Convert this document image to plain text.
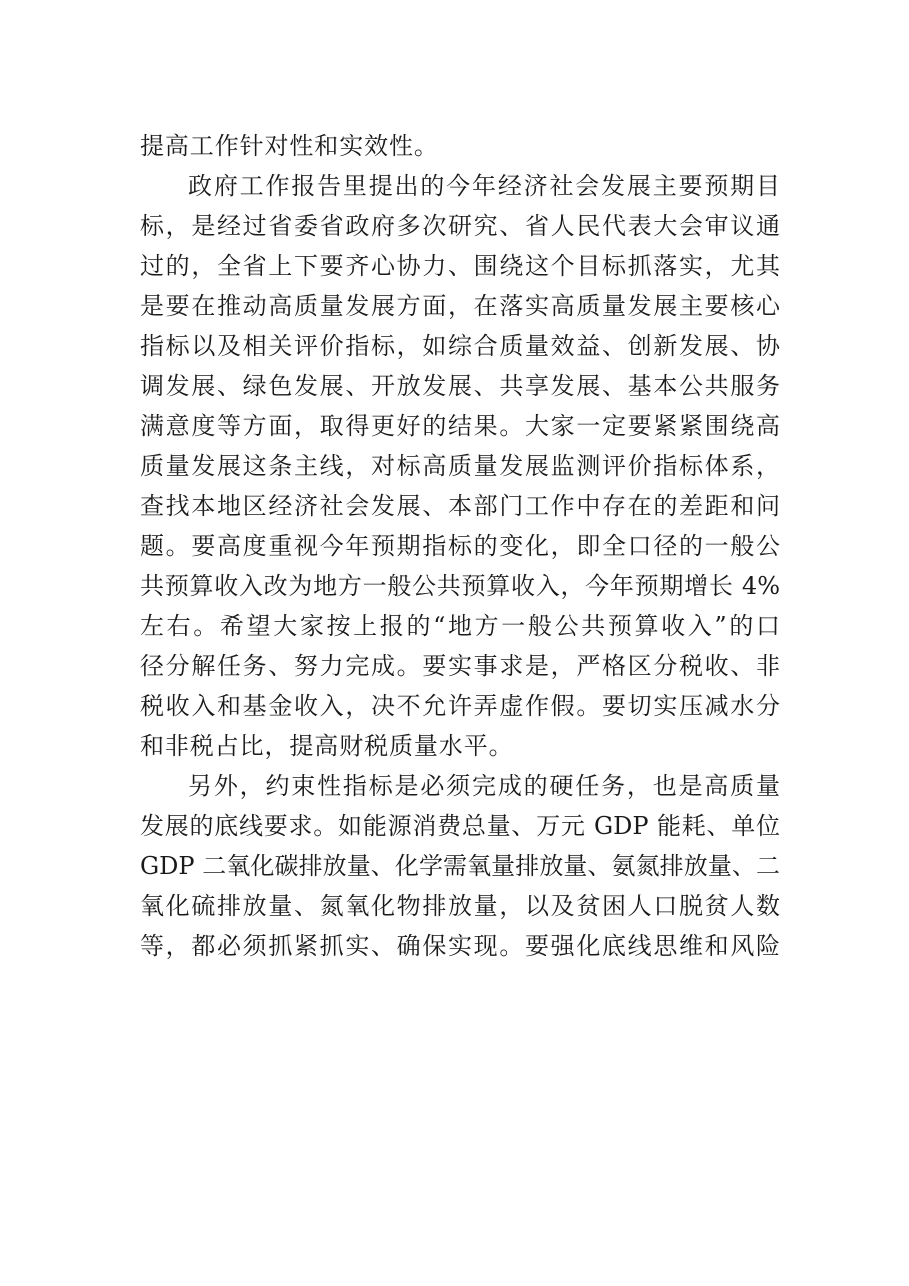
提高工作针对性和实效性。

政府工作报告里提出的今年经济社会发展主要预期目

标，是经过省委省政府多次研究、省人民代表大会审议通

过的，全省上下要齐心协力、围绕这个目标抓落实，尤其

是要在推动高质量发展方面，在落实高质量发展主要核心

指标以及相关评价指标，如综合质量效益、创新发展、协

调发展、绿色发展、开放发展、共享发展、基本公共服务

满意度等方面，取得更好的结果。大家一定要紧紧围绕高

质量发展这条主线，对标高质量发展监测评价指标体系，

查找本地区经济社会发展、本部门工作中存在的差距和问

题。要高度重视今年预期指标的变化，即全口径的一般公

共预算收入改为地方一般公共预算收入，今年预期增长 4%

左右。希望大家按上报的“地方一般公共预算收入”的口

径分解任务、努力完成。要实事求是，严格区分税收、非

税收入和基金收入，决不允许弄虚作假。要切实压减水分

和非税占比，提高财税质量水平。

另外，约束性指标是必须完成的硬任务，也是高质量

发展的底线要求。如能源消费总量、万元 GDP 能耗、单位

GDP 二氧化碳排放量、化学需氧量排放量、氨氮排放量、二

氧化硫排放量、氮氧化物排放量，以及贫困人口脱贫人数

等，都必须抓紧抓实、确保实现。要强化底线思维和风险
